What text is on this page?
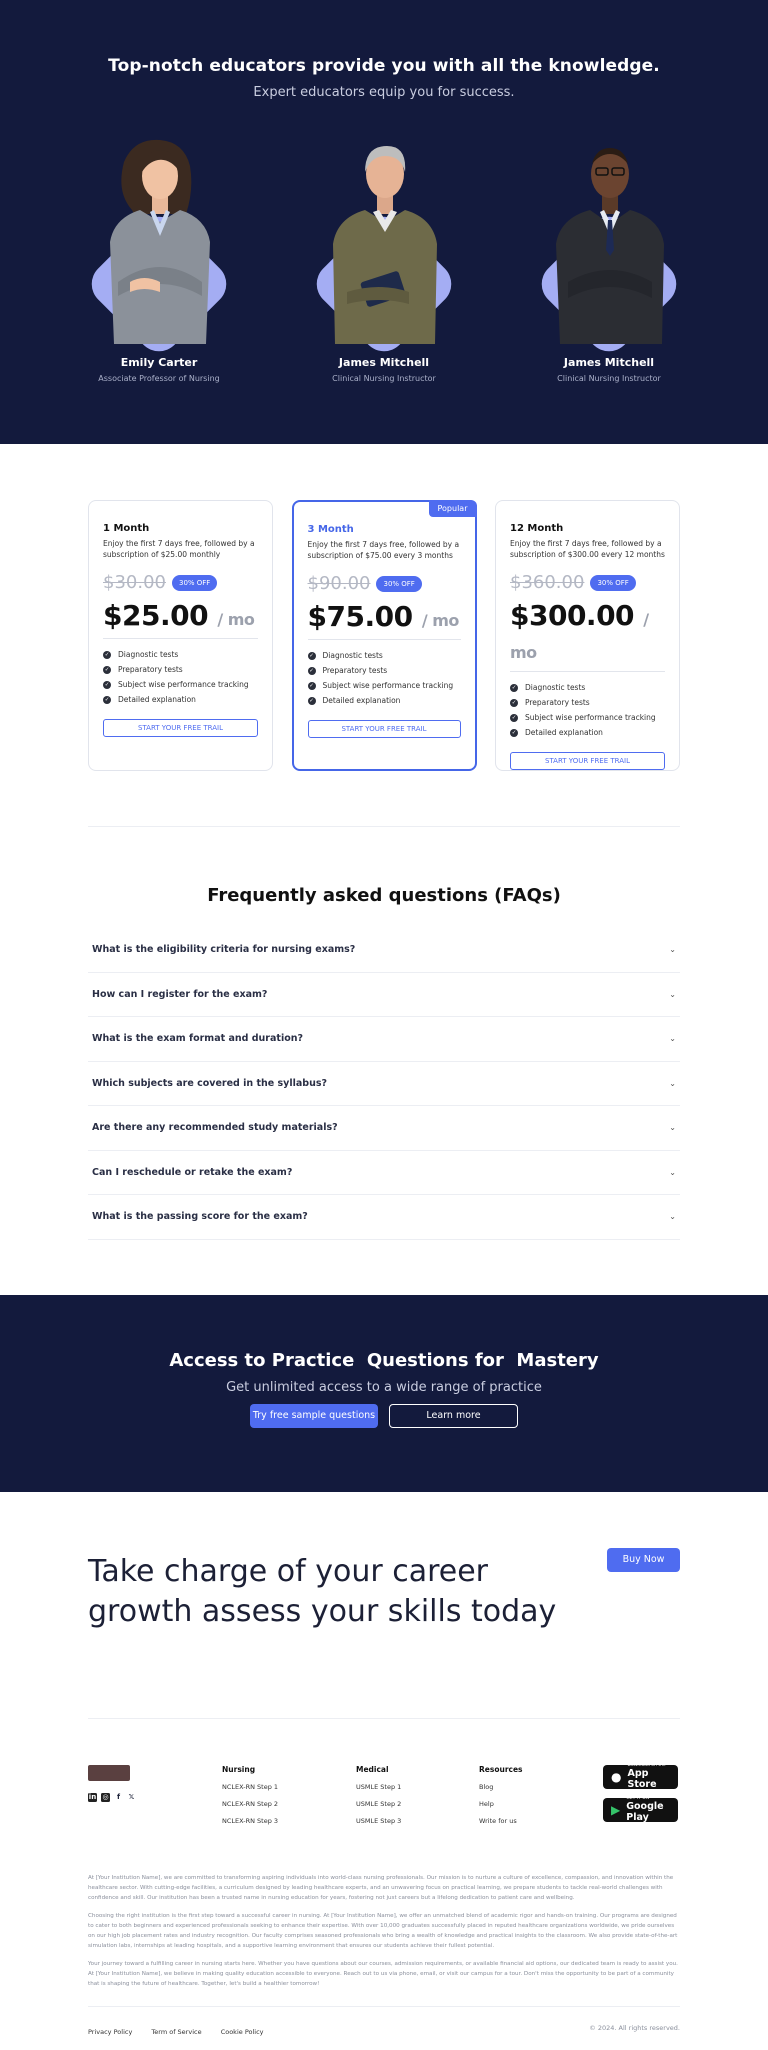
Top-notch educators provide you with all the knowledge.

Expert educators equip you for success.

Emily Carter
Associate Professor of Nursing
James Mitchell
Clinical Nursing Instructor
James Mitchell
Clinical Nursing Instructor
1 Month

Enjoy the first 7 days free, followed by a subscription of $25.00 monthly

$30.00	30% OFF
$25.00 / mo
✓ Diagnostic tests
✓ Preparatory tests
✓ Subject wise performance tracking
✓ Detailed explanation
START YOUR FREE TRAIL
Popular
3 Month

Enjoy the first 7 days free, followed by a subscription of $75.00 every 3 months

$90.00	30% OFF
$75.00 / mo
✓ Diagnostic tests
✓ Preparatory tests
✓ Subject wise performance tracking
✓ Detailed explanation
START YOUR FREE TRAIL
12 Month

Enjoy the first 7 days free, followed by a subscription of $300.00 every 12 months

$360.00	30% OFF
$300.00 / mo
✓ Diagnostic tests
✓ Preparatory tests
✓ Subject wise performance tracking
✓ Detailed explanation
START YOUR FREE TRAIL
Frequently asked questions (FAQs)
What is the eligibility criteria for nursing exams?	⌄
How can I register for the exam?	⌄
What is the exam format and duration?	⌄
Which subjects are covered in the syllabus?	⌄
Are there any recommended study materials?	⌄
Can I reschedule or retake the exam?	⌄
What is the passing score for the exam?	⌄
Access to Practice  Questions for  Mastery

Get unlimited access to a wide range of practice

Try free sample questions	Learn more
Take charge of your career growth assess your skills today
Buy Now
in ◎	f	𝕏
Nursing
NCLEX-RN Step 1
NCLEX-RN Step 2
NCLEX-RN Step 3
Medical
USMLE Step 1
USMLE Step 2
USMLE Step 3
Resources
Blog
Help
Write for us
●
Download on the
App Store
▶
GET IT ON
Google Play

At [Your Institution Name], we are committed to transforming aspiring individuals into world-class nursing professionals. Our mission is to nurture a culture of excellence, compassion, and innovation within the healthcare sector. With cutting-edge facilities, a curriculum designed by leading healthcare experts, and an unwavering focus on practical learning, we prepare students to tackle real-world challenges with confidence and skill. Our institution has been a trusted name in nursing education for years, fostering not just careers but a lifelong dedication to patient care and wellbeing.

Choosing the right institution is the first step toward a successful career in nursing. At [Your Institution Name], we offer an unmatched blend of academic rigor and hands-on training. Our programs are designed to cater to both beginners and experienced professionals seeking to enhance their expertise. With over 10,000 graduates successfully placed in reputed healthcare organizations worldwide, we pride ourselves on our high job placement rates and industry recognition. Our faculty comprises seasoned professionals who bring a wealth of knowledge and practical insights to the classroom. We also provide state-of-the-art simulation labs, internships at leading hospitals, and a supportive learning environment that ensures our students achieve their fullest potential.

Your journey toward a fulfilling career in nursing starts here. Whether you have questions about our courses, admission requirements, or available financial aid options, our dedicated team is ready to assist you. At [Your Institution Name], we believe in making quality education accessible to everyone. Reach out to us via phone, email, or visit our campus for a tour. Don't miss the opportunity to be part of a community that is shaping the future of healthcare. Together, let's build a healthier tomorrow!

Privacy Policy	Term of Service	Cookie Policy	© 2024. All rights reserved.
